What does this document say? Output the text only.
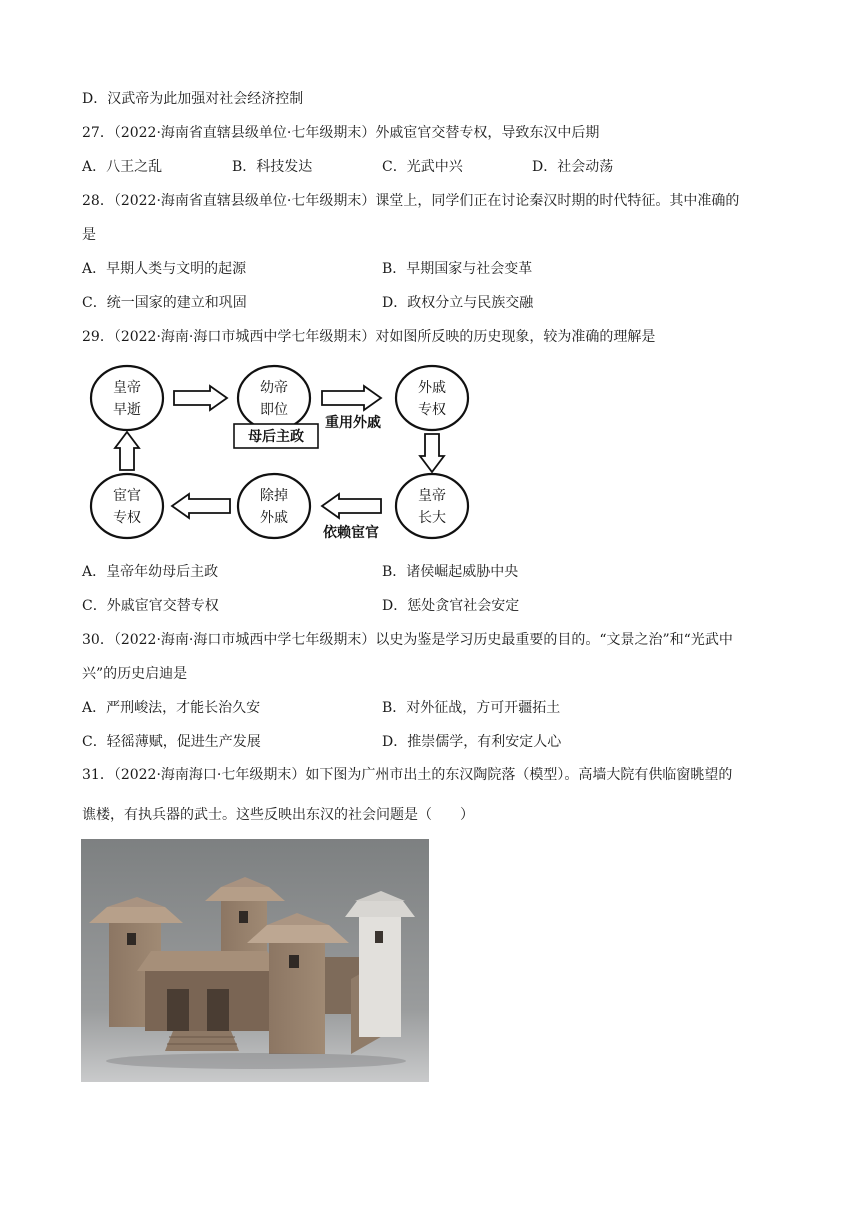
D．汉武帝为此加强对社会经济控制
27．（2022·海南省直辖县级单位·七年级期末）外戚宦官交替专权，导致东汉中后期
A．八王之乱	B．科技发达	C．光武中兴	D．社会动荡
28．（2022·海南省直辖县级单位·七年级期末）课堂上，同学们正在讨论秦汉时期的时代特征。其中准确的
是
A．早期人类与文明的起源	B．早期国家与社会变革
C．统一国家的建立和巩固	D．政权分立与民族交融
29．（2022·海南·海口市城西中学七年级期末）对如图所反映的历史现象，较为准确的理解是
皇帝
早逝
幼帝
即位
外戚
专权
皇帝
长大
除掉
外戚
宦官
专权
母后主政
重用外戚
依赖宦官
A．皇帝年幼母后主政	B．诸侯崛起威胁中央
C．外戚宦官交替专权	D．惩处贪官社会安定
30．（2022·海南·海口市城西中学七年级期末）以史为鉴是学习历史最重要的目的。“文景之治”和“光武中
兴”的历史启迪是
A．严刑峻法，才能长治久安	B．对外征战，方可开疆拓土
C．轻徭薄赋，促进生产发展	D．推崇儒学，有利安定人心
31．（2022·海南海口·七年级期末）如下图为广州市出土的东汉陶院落（模型）。高墙大院有供临窗眺望的
谯楼，有执兵器的武士。这些反映出东汉的社会问题是（　　）
